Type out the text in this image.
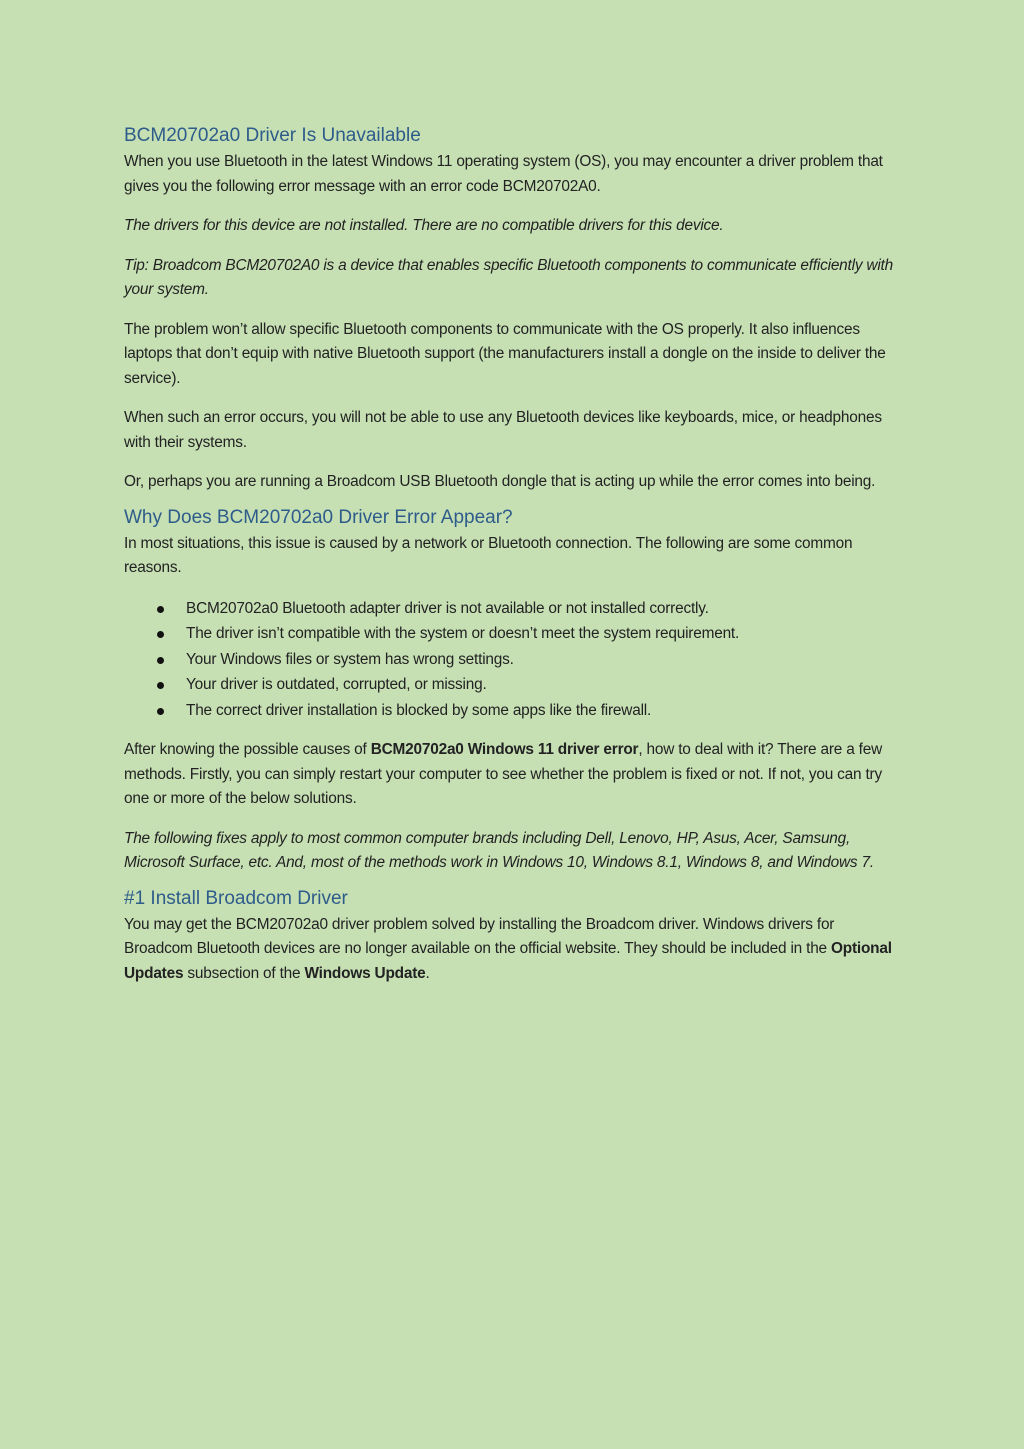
BCM20702a0 Driver Is Unavailable

When you use Bluetooth in the latest Windows 11 operating system (OS), you may encounter a driver problem that gives you the following error message with an error code BCM20702A0.

The drivers for this device are not installed. There are no compatible drivers for this device.

Tip: Broadcom BCM20702A0 is a device that enables specific Bluetooth components to communicate efficiently with your system.

The problem won’t allow specific Bluetooth components to communicate with the OS properly. It also influences laptops that don’t equip with native Bluetooth support (the manufacturers install a dongle on the inside to deliver the service).

When such an error occurs, you will not be able to use any Bluetooth devices like keyboards, mice, or headphones with their systems.

Or, perhaps you are running a Broadcom USB Bluetooth dongle that is acting up while the error comes into being.

Why Does BCM20702a0 Driver Error Appear?

In most situations, this issue is caused by a network or Bluetooth connection. The following are some common reasons.

BCM20702a0 Bluetooth adapter driver is not available or not installed correctly.
The driver isn’t compatible with the system or doesn’t meet the system requirement.
Your Windows files or system has wrong settings.
Your driver is outdated, corrupted, or missing.
The correct driver installation is blocked by some apps like the firewall.

After knowing the possible causes of BCM20702a0 Windows 11 driver error, how to deal with it? There are a few methods. Firstly, you can simply restart your computer to see whether the problem is fixed or not. If not, you can try one or more of the below solutions.

The following fixes apply to most common computer brands including Dell, Lenovo, HP, Asus, Acer, Samsung, Microsoft Surface, etc. And, most of the methods work in Windows 10, Windows 8.1, Windows 8, and Windows 7.

#1 Install Broadcom Driver

You may get the BCM20702a0 driver problem solved by installing the Broadcom driver. Windows drivers for Broadcom Bluetooth devices are no longer available on the official website. They should be included in the Optional Updates subsection of the Windows Update.
